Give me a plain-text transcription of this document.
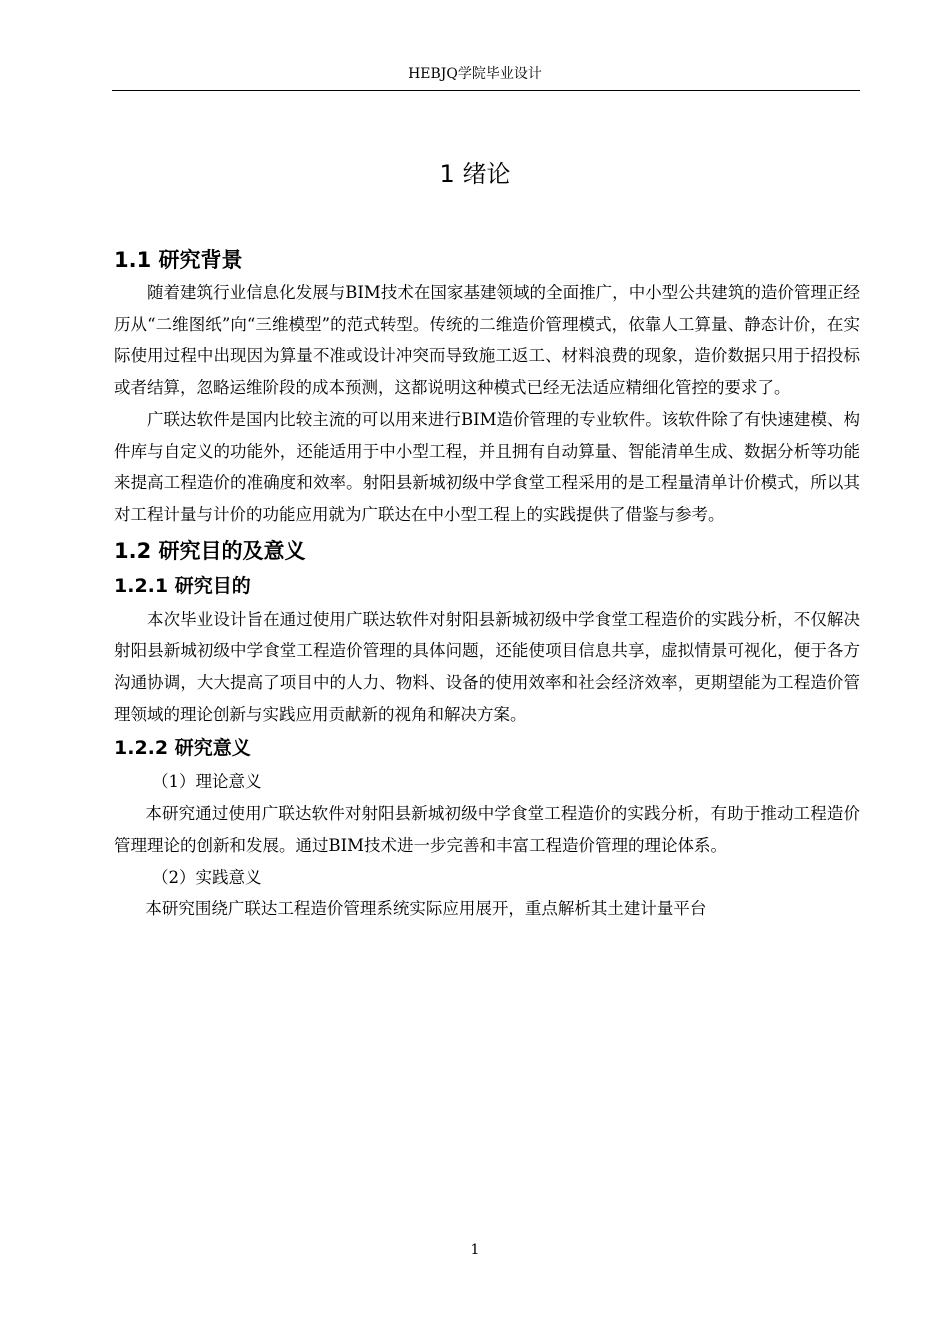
HEBJQ学院毕业设计
1 绪论
1.1 研究背景

随着建筑行业信息化发展与BIM技术在国家基建领域的全面推广，中小型公共建筑的造价管理正经历从“二维图纸”向“三维模型”的范式转型。传统的二维造价管理模式，依靠人工算量、静态计价，在实际使用过程中出现因为算量不准或设计冲突而导致施工返工、材料浪费的现象，造价数据只用于招投标或者结算，忽略运维阶段的成本预测，这都说明这种模式已经无法适应精细化管控的要求了。

广联达软件是国内比较主流的可以用来进行BIM造价管理的专业软件。该软件除了有快速建模、构件库与自定义的功能外，还能适用于中小型工程，并且拥有自动算量、智能清单生成、数据分析等功能来提高工程造价的准确度和效率。射阳县新城初级中学食堂工程采用的是工程量清单计价模式，所以其对工程计量与计价的功能应用就为广联达在中小型工程上的实践提供了借鉴与参考。

1.2 研究目的及意义
1.2.1 研究目的

本次毕业设计旨在通过使用广联达软件对射阳县新城初级中学食堂工程造价的实践分析，不仅解决射阳县新城初级中学食堂工程造价管理的具体问题，还能使项目信息共享，虚拟情景可视化，便于各方沟通协调，大大提高了项目中的人力、物料、设备的使用效率和社会经济效率，更期望能为工程造价管理领域的理论创新与实践应用贡献新的视角和解决方案。

1.2.2 研究意义

（1）理论意义

本研究通过使用广联达软件对射阳县新城初级中学食堂工程造价的实践分析，有助于推动工程造价管理理论的创新和发展。通过BIM技术进一步完善和丰富工程造价管理的理论体系。

（2）实践意义

本研究围绕广联达工程造价管理系统实际应用展开，重点解析其土建计量平台

1
